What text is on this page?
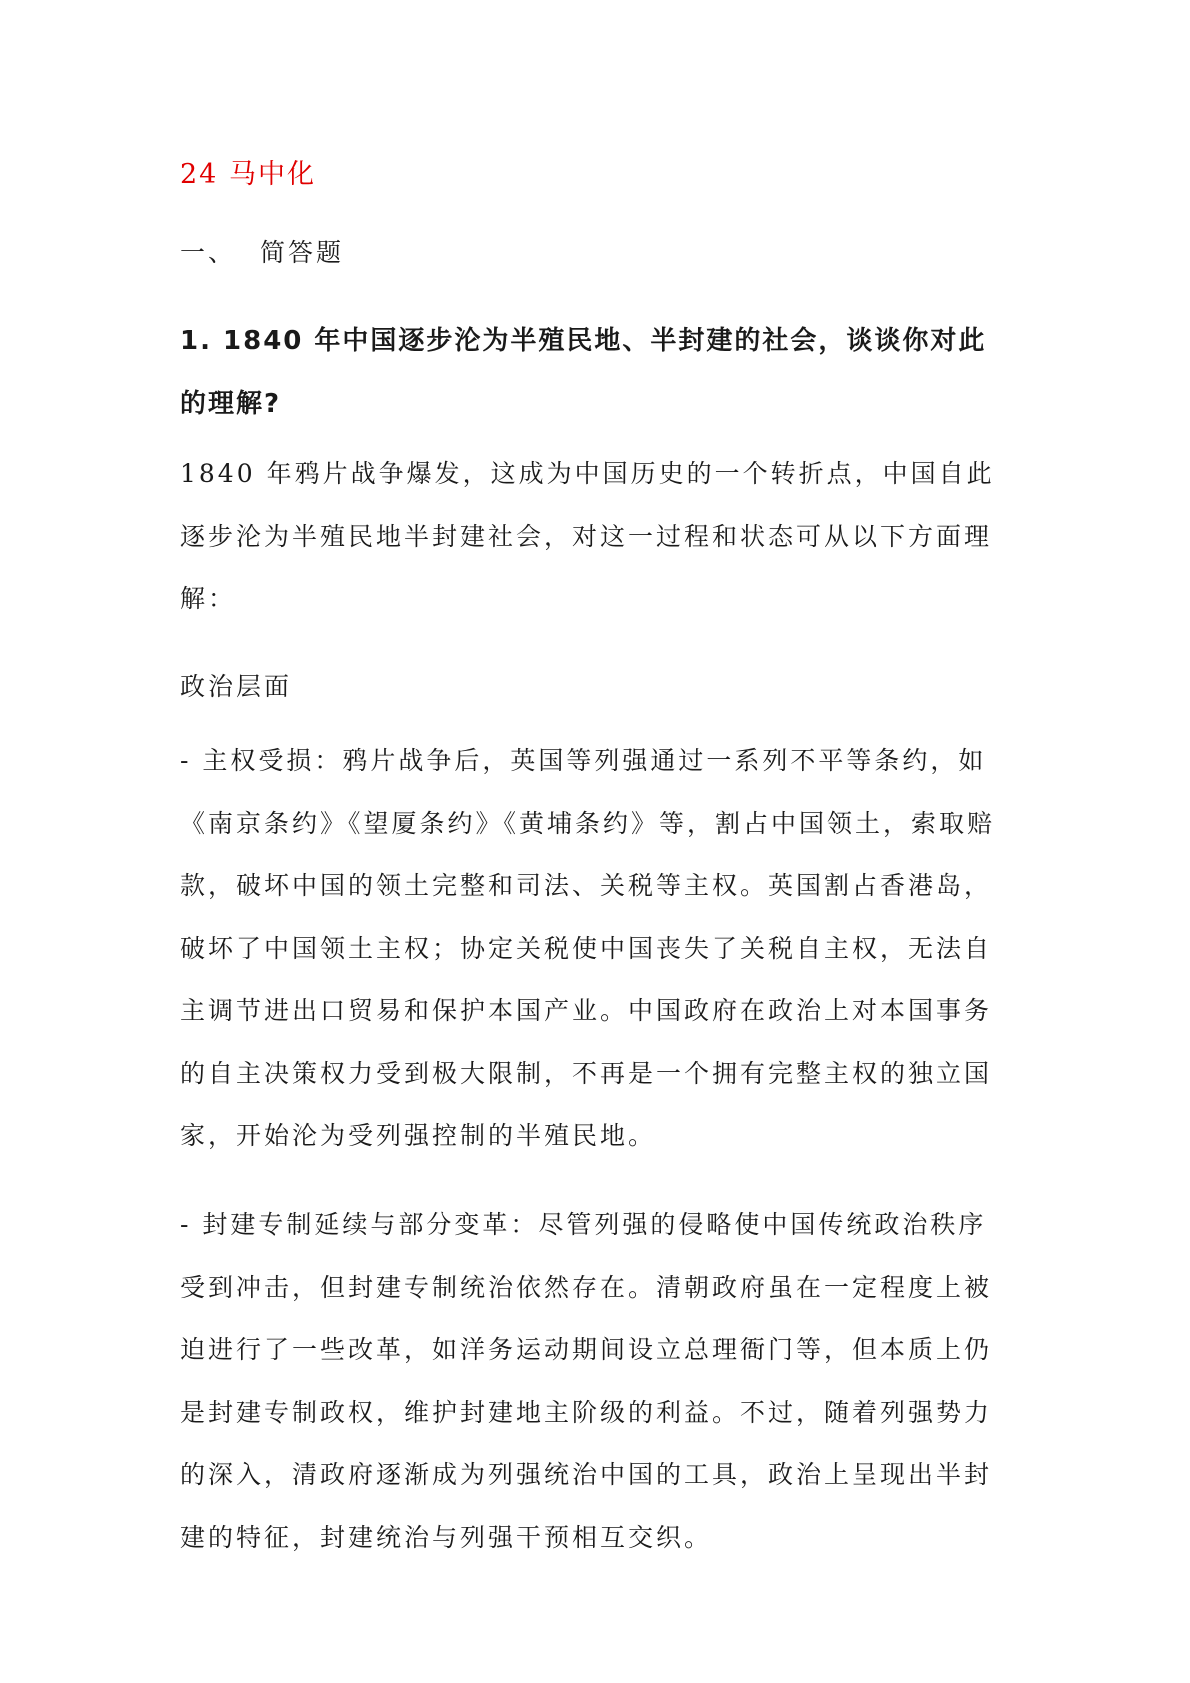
24 马中化
一、 简答题

1. 1840 年中国逐步沦为半殖民地、半封建的社会，谈谈你对此的理解?

1840 年鸦片战争爆发，这成为中国历史的一个转折点，中国自此逐步沦为半殖民地半封建社会，对这一过程和状态可从以下方面理解：

政治层面

- 主权受损：鸦片战争后，英国等列强通过一系列不平等条约，如《南京条约》《望厦条约》《黄埔条约》等，割占中国领土，索取赔款，破坏中国的领土完整和司法、关税等主权。英国割占香港岛，破坏了中国领土主权；协定关税使中国丧失了关税自主权，无法自主调节进出口贸易和保护本国产业。中国政府在政治上对本国事务的自主决策权力受到极大限制，不再是一个拥有完整主权的独立国家，开始沦为受列强控制的半殖民地。

- 封建专制延续与部分变革：尽管列强的侵略使中国传统政治秩序受到冲击，但封建专制统治依然存在。清朝政府虽在一定程度上被迫进行了一些改革，如洋务运动期间设立总理衙门等，但本质上仍是封建专制政权，维护封建地主阶级的利益。不过，随着列强势力的深入，清政府逐渐成为列强统治中国的工具，政治上呈现出半封建的特征，封建统治与列强干预相互交织。
